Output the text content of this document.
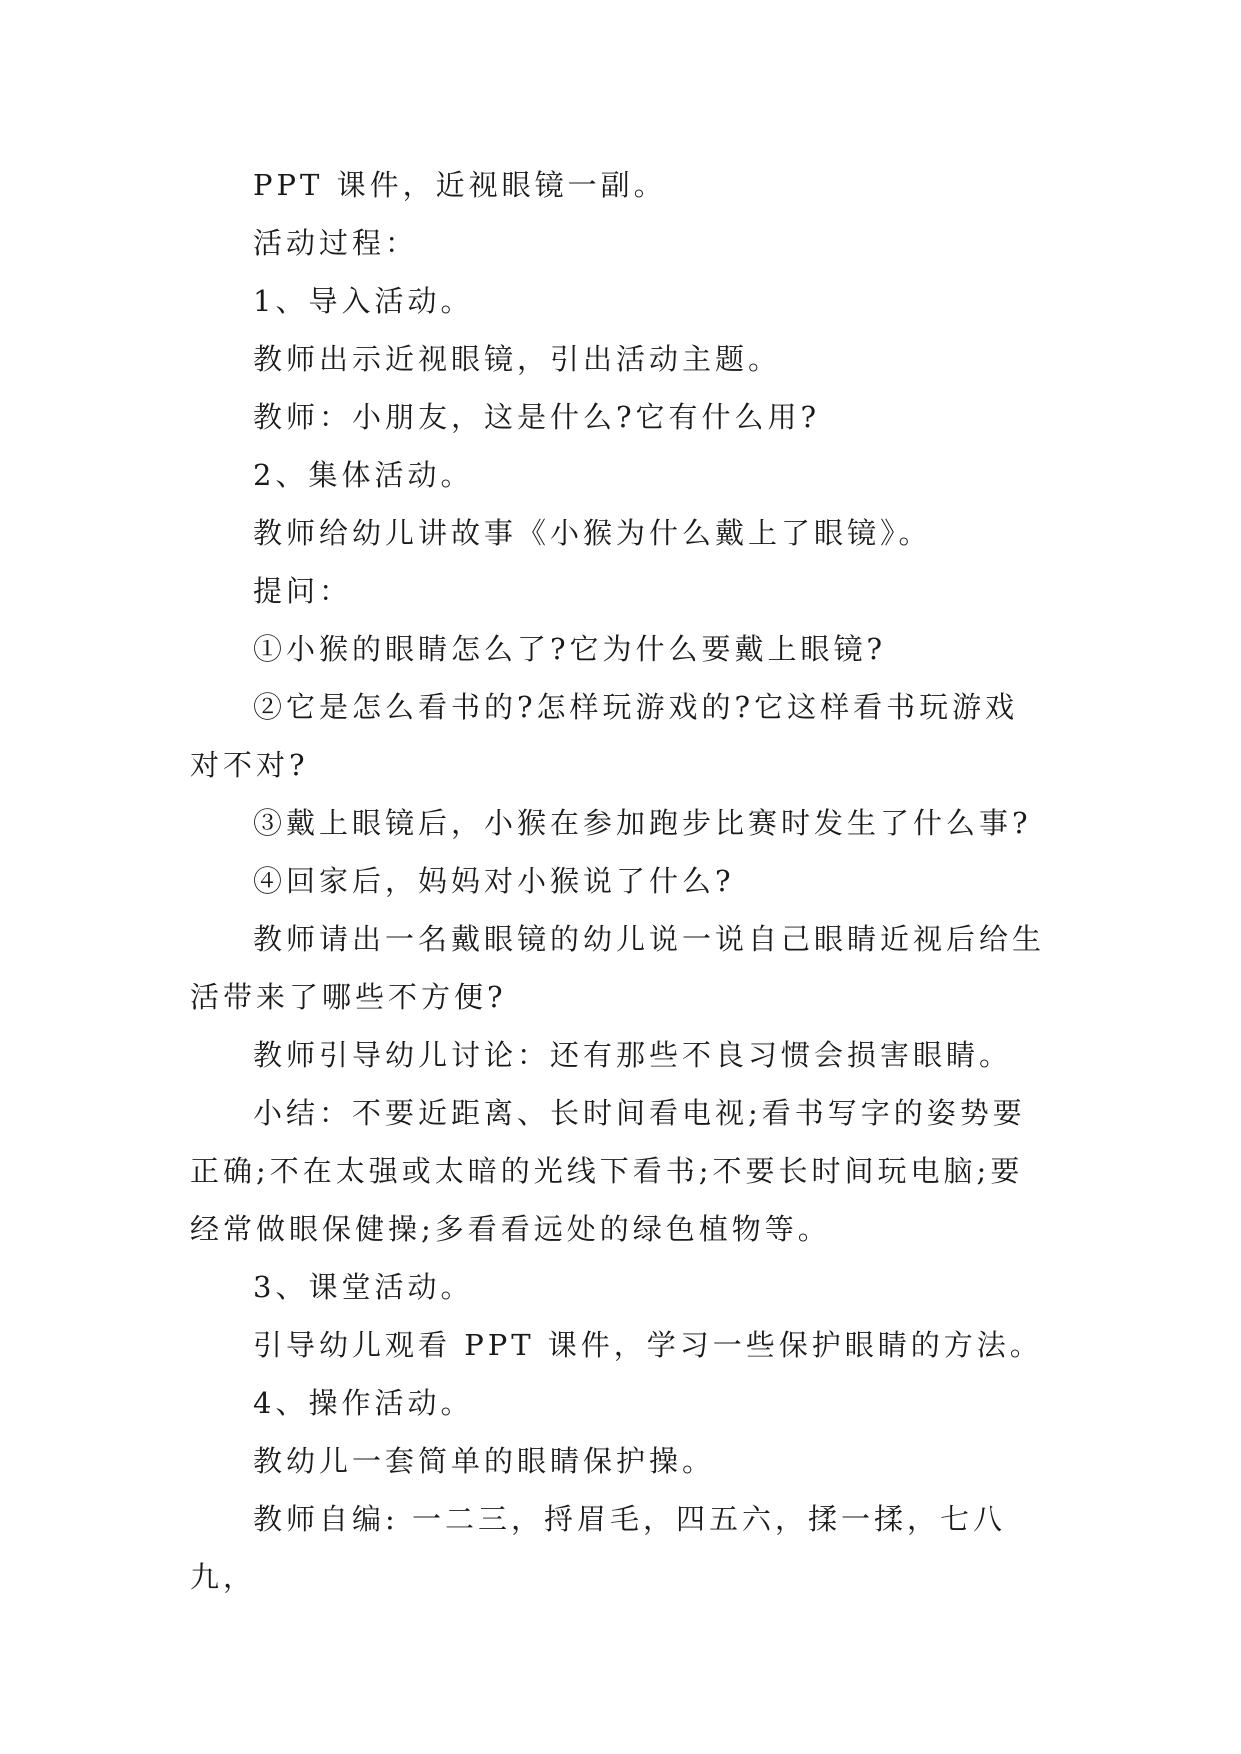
PPT 课件，近视眼镜一副。

活动过程：

1、导入活动。

教师出示近视眼镜，引出活动主题。

教师：小朋友，这是什么?它有什么用?

2、集体活动。

教师给幼儿讲故事《小猴为什么戴上了眼镜》。

提问：

①小猴的眼睛怎么了?它为什么要戴上眼镜?

②它是怎么看书的?怎样玩游戏的?它这样看书玩游戏对不对?

③戴上眼镜后，小猴在参加跑步比赛时发生了什么事?

④回家后，妈妈对小猴说了什么?

教师请出一名戴眼镜的幼儿说一说自己眼睛近视后给生活带来了哪些不方便?

教师引导幼儿讨论：还有那些不良习惯会损害眼睛。

小结：不要近距离、长时间看电视;看书写字的姿势要正确;不在太强或太暗的光线下看书;不要长时间玩电脑;要经常做眼保健操;多看看远处的绿色植物等。

3、课堂活动。

引导幼儿观看 PPT 课件，学习一些保护眼睛的方法。

4、操作活动。

教幼儿一套简单的眼睛保护操。

教师自编: 一二三，捋眉毛，四五六，揉一揉，七八九，
